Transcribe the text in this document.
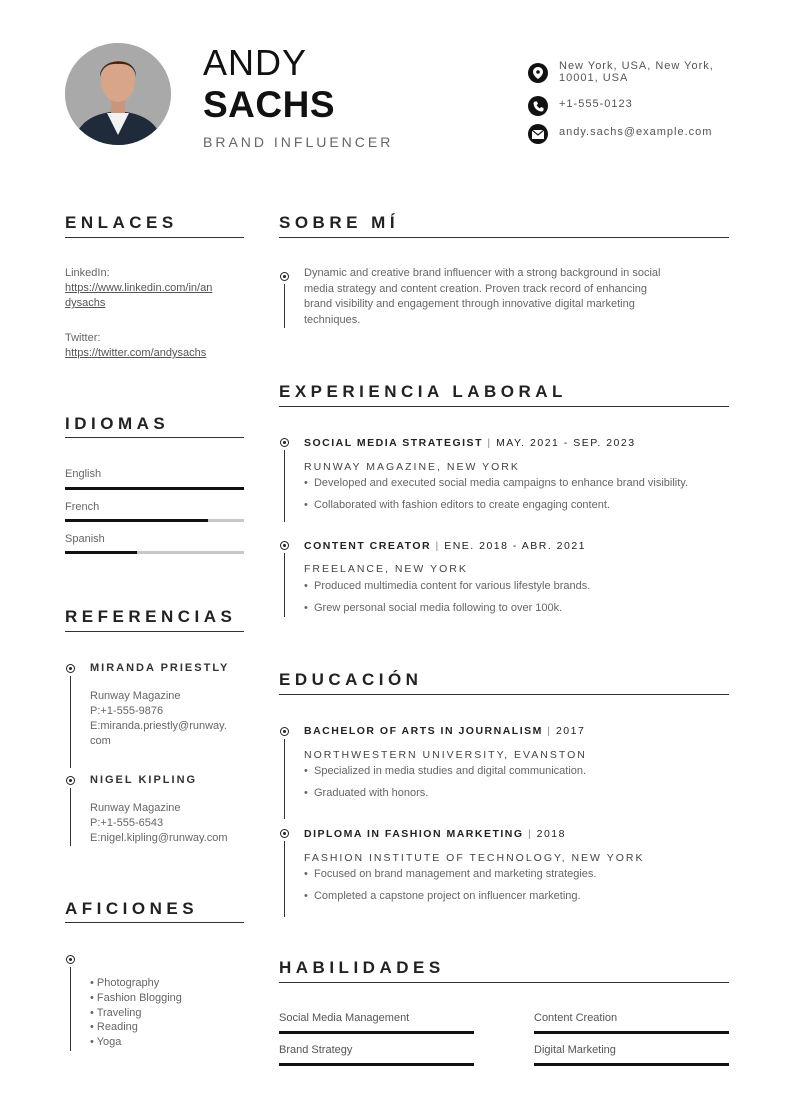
ANDY
SACHS
BRAND INFLUENCER
New York, USA, New York,
10001, USA
+1-555-0123
andy.sachs@example.com
ENLACES
LinkedIn:
https://www.linkedin.com/in/an
dysachs
Twitter:
https://twitter.com/andysachs
IDIOMAS
English
French
Spanish
REFERENCIAS
MIRANDA PRIESTLY
Runway Magazine
P:+1-555-9876
E:miranda.priestly@runway.
com
NIGEL KIPLING
Runway Magazine
P:+1-555-6543
E:nigel.kipling@runway.com
AFICIONES
• Photography
• Fashion Blogging
• Traveling
• Reading
• Yoga
SOBRE MÍ
Dynamic and creative brand influencer with a strong background in social
media strategy and content creation. Proven track record of enhancing
brand visibility and engagement through innovative digital marketing
techniques.
EXPERIENCIA LABORAL
SOCIAL MEDIA STRATEGIST | MAY. 2021 - SEP. 2023
RUNWAY MAGAZINE, NEW YORK
• Developed and executed social media campaigns to enhance brand visibility.
• Collaborated with fashion editors to create engaging content.
CONTENT CREATOR | ENE. 2018 - ABR. 2021
FREELANCE, NEW YORK
• Produced multimedia content for various lifestyle brands.
• Grew personal social media following to over 100k.
EDUCACIÓN
BACHELOR OF ARTS IN JOURNALISM | 2017
NORTHWESTERN UNIVERSITY, EVANSTON
• Specialized in media studies and digital communication.
• Graduated with honors.
DIPLOMA IN FASHION MARKETING | 2018
FASHION INSTITUTE OF TECHNOLOGY, NEW YORK
• Focused on brand management and marketing strategies.
• Completed a capstone project on influencer marketing.
HABILIDADES
Social Media Management	Content Creation
Brand Strategy	Digital Marketing
